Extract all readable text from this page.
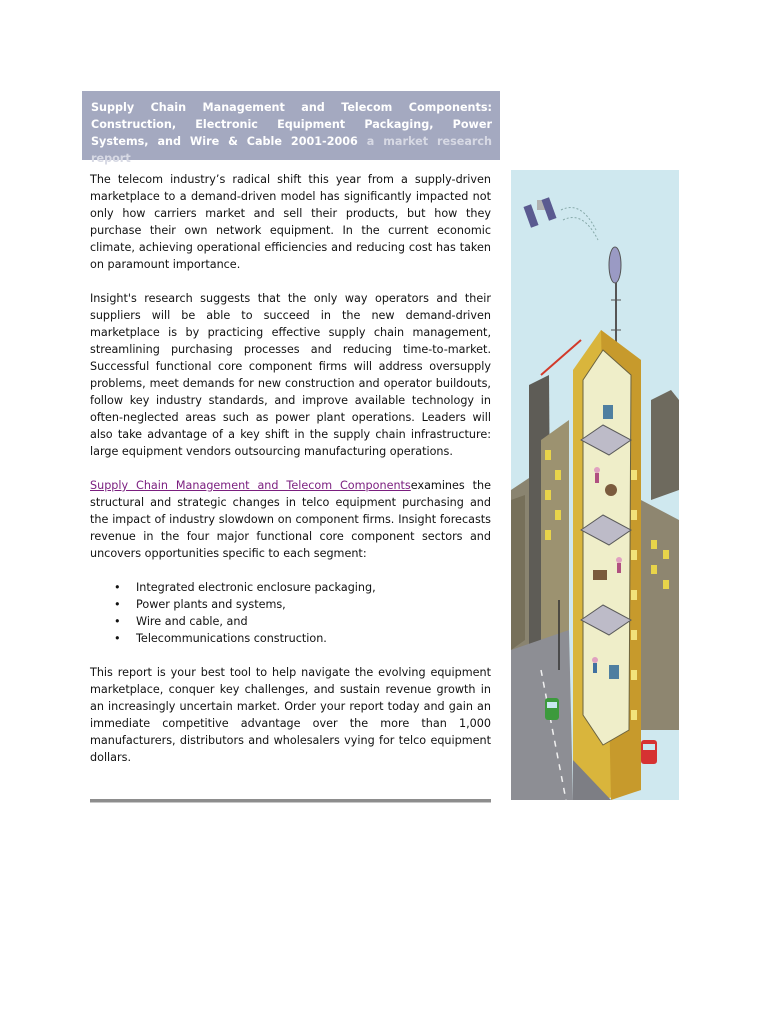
Supply Chain Management and Telecom Components: Construction, Electronic Equipment Packaging, Power Systems, and Wire & Cable 2001-2006 a market research report

The telecom industry’s radical shift this year from a supply-driven marketplace to a demand-driven model has significantly impacted not only how carriers market and sell their products, but how they purchase their own network equipment. In the current economic climate, achieving operational efficiencies and reducing cost has taken on paramount importance.

Insight's research suggests that the only way operators and their suppliers will be able to succeed in the new demand-driven marketplace is by practicing effective supply chain management, streamlining purchasing processes and reducing time-to-market. Successful functional core component firms will address oversupply problems, meet demands for new construction and operator buildouts, follow key industry standards, and improve available technology in often-neglected areas such as power plant operations. Leaders will also take advantage of a key shift in the supply chain infrastructure: large equipment vendors outsourcing manufacturing operations.

Supply Chain Management and Telecom Componentsexamines the structural and strategic changes in telco equipment purchasing and the impact of industry slowdown on component firms. Insight forecasts revenue in the four major functional core component sectors and uncovers opportunities specific to each segment:

• Integrated electronic enclosure packaging,
• Power plants and systems,
• Wire and cable, and
• Telecommunications construction.

This report is your best tool to help navigate the evolving equipment marketplace, conquer key challenges, and sustain revenue growth in an increasingly uncertain market. Order your report today and gain an immediate competitive advantage over the more than 1,000 manufacturers, distributors and wholesalers vying for telco equipment dollars.
